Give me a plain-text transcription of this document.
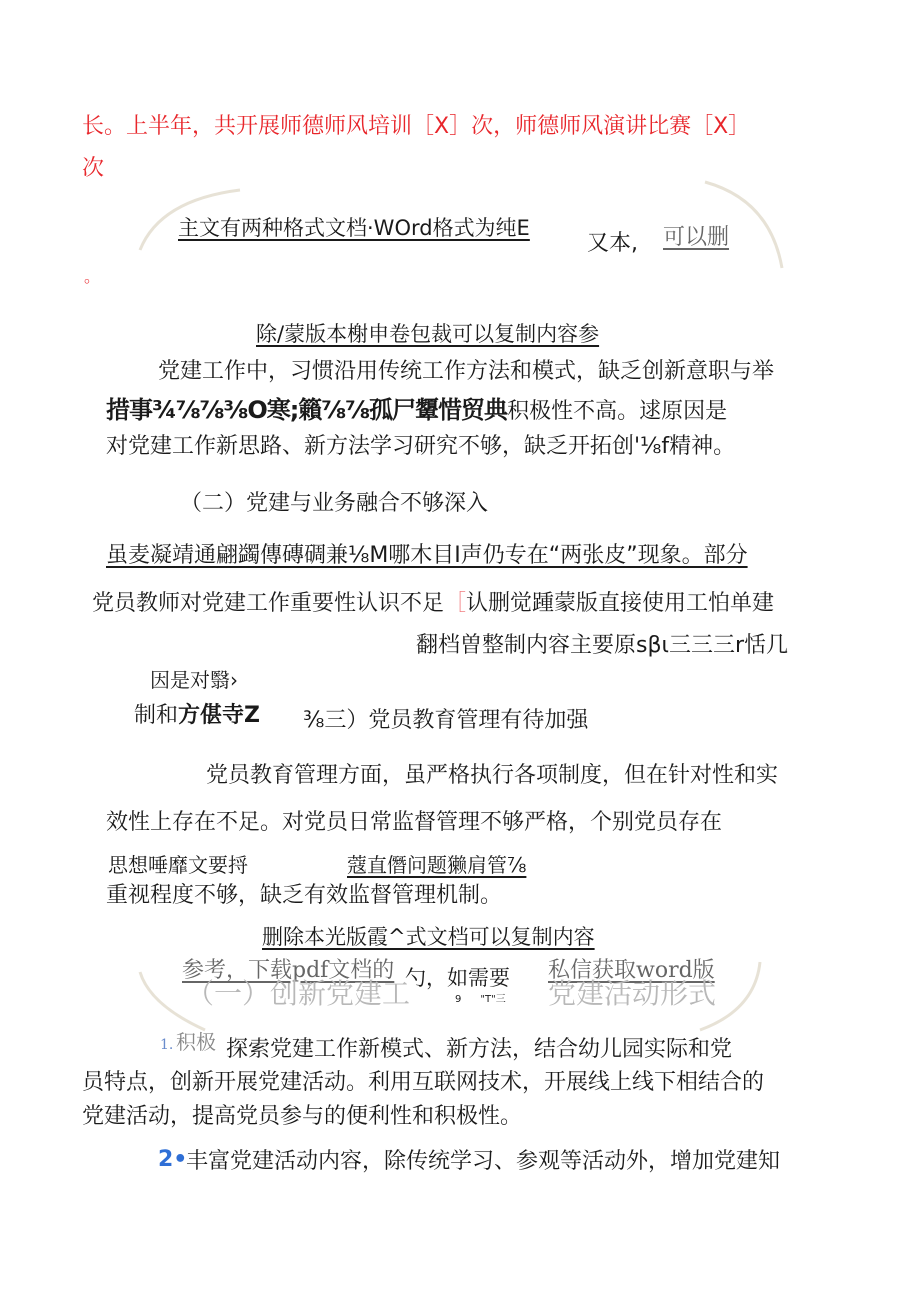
长。上半年，共开展师德师风培训［X］次，师德师风演讲比赛［X］
次
主文有两种格式文档·WOrd格式为纯E
又本, 可以删
。
除/蒙版本榭申卷包裁可以复制内容参
党建工作中，习惯沿用传统工作方法和模式，缺乏创新意职与举
措事¾⅞⅞⅜O寒;籟⅞⅞孤尸顰惜贸典积极性不高。逑原因是
对党建工作新思路、新方法学习研究不够，缺乏开拓创'⅛f精神。
（二）党建与业务融合不够深入
虽麦凝靖通翩蠲傳磚碉兼⅛M哪木目I声仍专在“两张皮”现象。部分
党员教师对党建工作重要性认识不足［认删觉踵蒙版直接使用工怕单建
翻档曽整制内容主要原sβι三三三r恬几
因是对翳›
制和方偡寺Z ⅜三）党员教育管理有待加强
党员教育管理方面，虽严格执行各项制度，但在针对性和实
效性上存在不足。对党员日常监督管理不够严格，个别党员存在
思想唾靡文要捋	蔻直僭问题獭肩管⅞
重视程度不够，缺乏有效监督管理机制。
删除本光版霞^式文档可以复制内容
参考，下载pdf文档的 勺，如需要 私信获取word版
（一）创新党建工	9      "T"三 党建活动形式
1. 积极 探索党建工作新模式、新方法，结合幼儿园实际和党
员特点，创新开展党建活动。利用互联网技术，开展线上线下相结合的
党建活动，提高党员参与的便利性和积极性。
2•
丰富党建活动内容，除传统学习、参观等活动外，增加党建知
